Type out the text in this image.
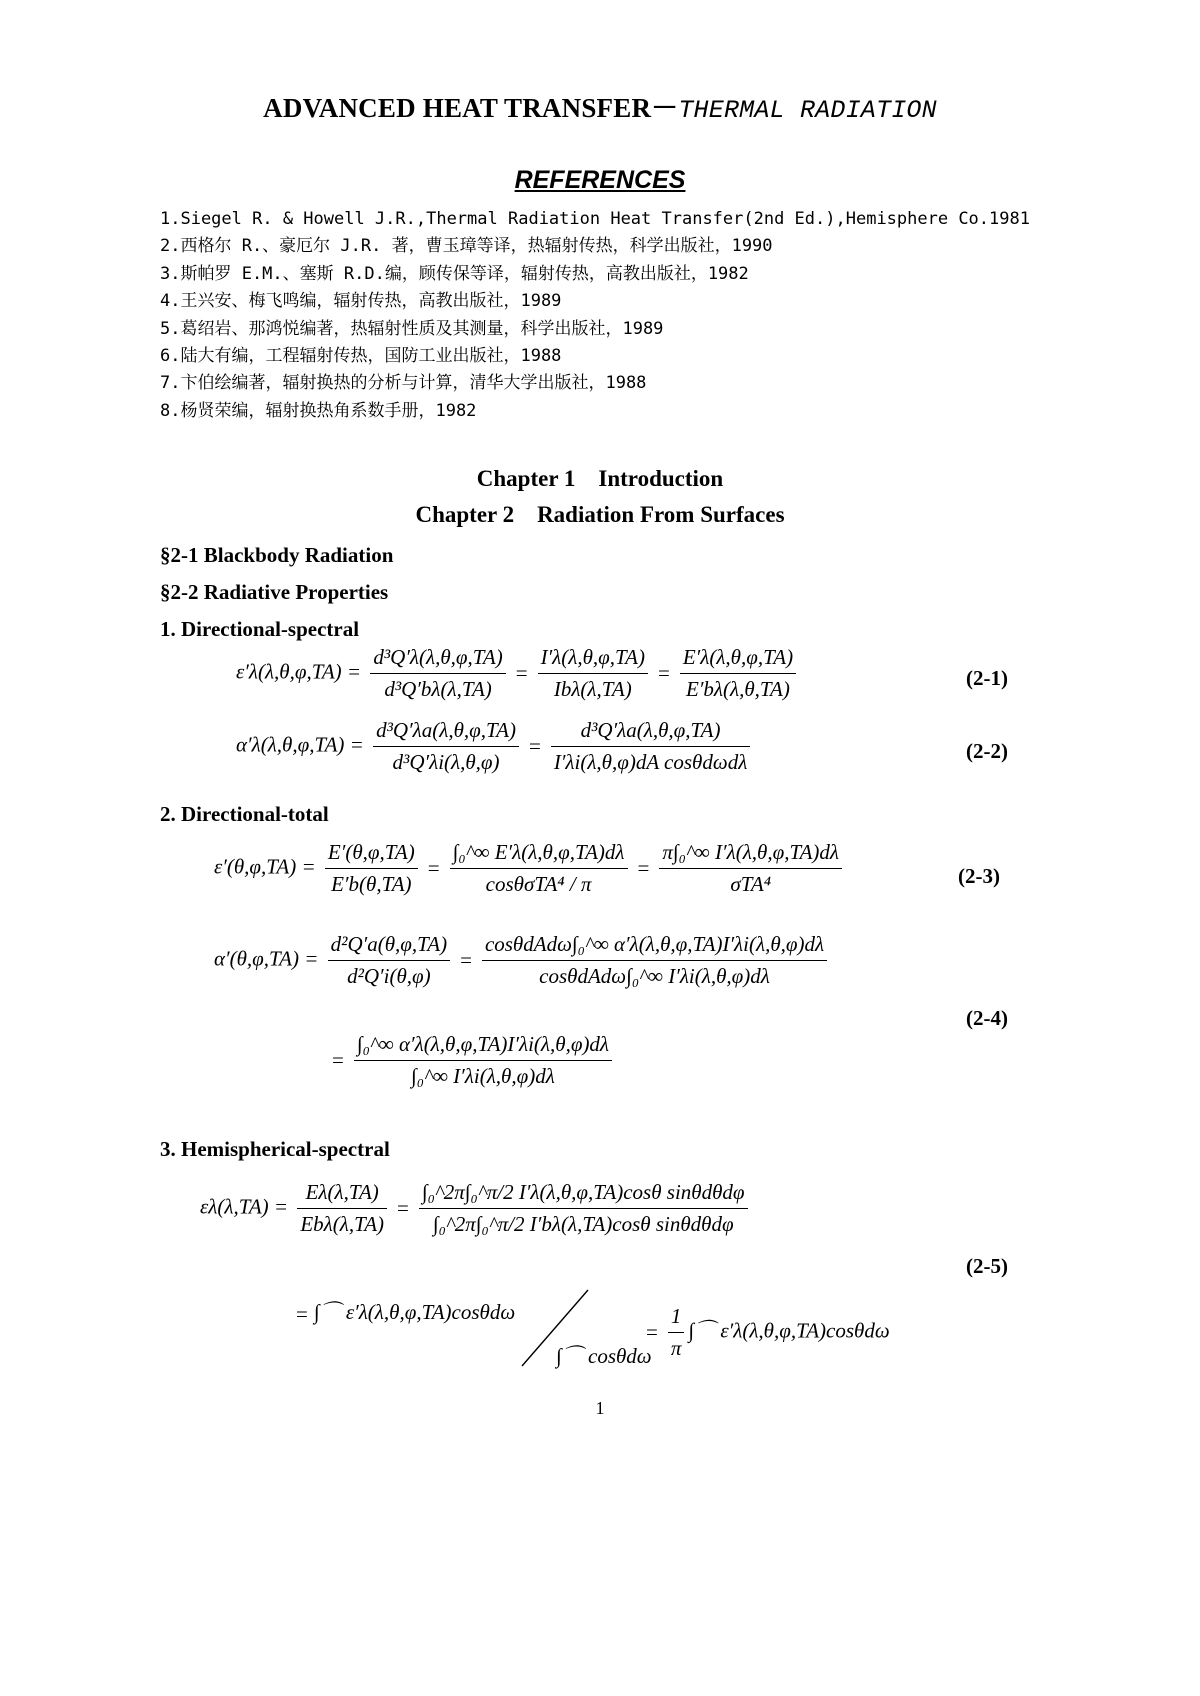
ADVANCED HEAT TRANSFER－THERMAL RADIATION
REFERENCES
1.Siegel R. & Howell J.R.,Thermal Radiation Heat Transfer(2nd Ed.),Hemisphere Co.1981
2.西格尔 R.、豪厄尔 J.R. 著，曹玉璋等译，热辐射传热，科学出版社，1990
3.斯帕罗 E.M.、塞斯 R.D.编，顾传保等译，辐射传热，高教出版社，1982
4.王兴安、梅飞鸣编，辐射传热，高教出版社，1989
5.葛绍岩、那鸿悦编著，热辐射性质及其测量，科学出版社，1989
6.陆大有编，工程辐射传热，国防工业出版社，1988
7.卞伯绘编著，辐射换热的分析与计算，清华大学出版社，1988
8.杨贤荣编，辐射换热角系数手册，1982
Chapter 1    Introduction
Chapter 2    Radiation From Surfaces
§2-1 Blackbody Radiation
§2-2 Radiative Properties
1. Directional-spectral
$\varepsilon'\lambda(\lambda,\theta,\varphi,TA) = \frac{\text{d³Q′λ(λ,θ,φ,TA)}}{\text{d³Q′bλ(λ,TA)}} = \frac{I'\lambda(\lambda,\theta,\varphi,TA)}{\text{Ibλ(λ,TA)}} = \frac{E'\lambda(\lambda,\theta,\varphi,TA)}{E'b\lambda(\lambda,\theta,TA)}$	(2-1)
$\alpha'\lambda(\lambda,\theta,\varphi,TA) = \frac{\text{d³Q′λa(λ,θ,φ,TA)}}{\text{d³Q′λi(λ,θ,φ)}} = \frac{\text{d³Q′λa(λ,θ,φ,TA)}}{\text{I′λi(λ,θ,φ)dA cosθdωdλ}}$	(2-2)
2. Directional-total
$\varepsilon'(\theta,\varphi,TA) = \frac{E'(\theta,\varphi,TA)}{E'b(\theta,TA)} = \frac{\text{∫₀\textasciicircum{}∞ E′λ(λ,θ,φ,TA)dλ}}{\text{cosθσTA⁴ / π}} = \frac{\text{π∫₀\textasciicircum{}∞ I′λ(λ,θ,φ,TA)dλ}}{\text{σTA⁴}}$	(2-3)
$\alpha'(\theta,\varphi,TA) = \frac{\text{d²Q′a(θ,φ,TA)}}{\text{d²Q′i(θ,φ)}} = \frac{\text{cosθdAdω∫₀\textasciicircum{}∞ α′λ(λ,θ,φ,TA)I′λi(λ,θ,φ)dλ}}{\text{cosθdAdω∫₀\textasciicircum{}∞ I′λi(λ,θ,φ)dλ}}$
= $\frac{\text{∫₀\textasciicircum{}∞ α′λ(λ,θ,φ,TA)I′λi(λ,θ,φ)dλ}}{\text{∫₀\textasciicircum{}∞ I′λi(λ,θ,φ)dλ}}$
(2-4)
3. Hemispherical-spectral
$\varepsilon\lambda(\lambda,TA) = \frac{E\lambda(\lambda,TA)}{\text{Ebλ(λ,TA)}} = \frac{\text{∫₀\textasciicircum{}2π∫₀\textasciicircum{}π/2 I′λ(λ,θ,φ,TA)cosθ sinθdθdφ}}{\text{∫₀\textasciicircum{}2π∫₀\textasciicircum{}π/2 I′bλ(λ,TA)cosθ sinθdθdφ}}$
= ∫⌒ ε′λ(λ,θ,φ,TA)cosθdω
∫⌒ cosθdω
= $\frac{1}{\pi}$ ∫⌒ ε′λ(λ,θ,φ,TA)cosθdω
(2-5)
1
